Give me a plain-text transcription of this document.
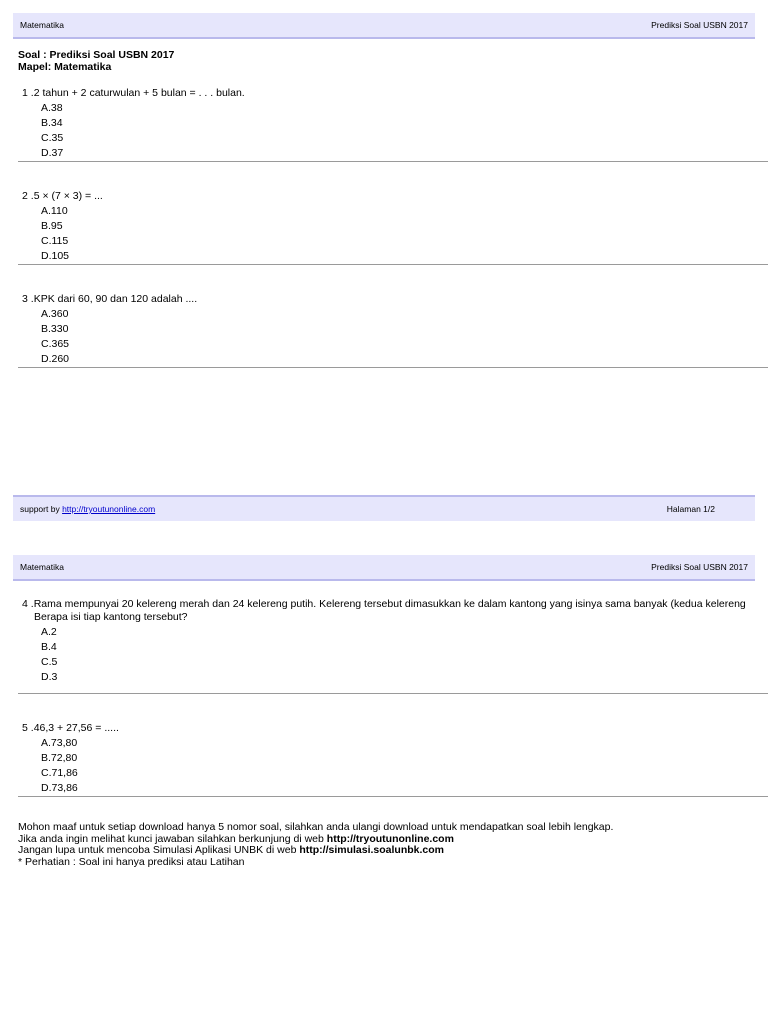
Matematika	Prediksi Soal USBN 2017
Soal : Prediksi Soal USBN 2017
Mapel: Matematika
1 .2 tahun + 2 caturwulan + 5 bulan = . . . bulan.
A.38
B.34
C.35
D.37
2 .5 × (7 × 3) = ...
A.110
B.95
C.115
D.105
3 .KPK dari 60, 90 dan 120 adalah ....
A.360
B.330
C.365
D.260
support by http://tryoutunonline.com	Halaman 1/2
Matematika	Prediksi Soal USBN 2017
4 .Rama mempunyai 20 kelereng merah dan 24 kelereng putih. Kelereng tersebut dimasukkan ke dalam kantong yang isinya sama banyak (kedua kelereng
Berapa isi tiap kantong tersebut?
A.2
B.4
C.5
D.3
5 .46,3 + 27,56 = .....
A.73,80
B.72,80
C.71,86
D.73,86
Mohon maaf untuk setiap download hanya 5 nomor soal, silahkan anda ulangi download untuk mendapatkan soal lebih lengkap.
Jika anda ingin melihat kunci jawaban silahkan berkunjung di web http://tryoutunonline.com
Jangan lupa untuk mencoba Simulasi Aplikasi UNBK di web http://simulasi.soalunbk.com
* Perhatian : Soal ini hanya prediksi atau Latihan
